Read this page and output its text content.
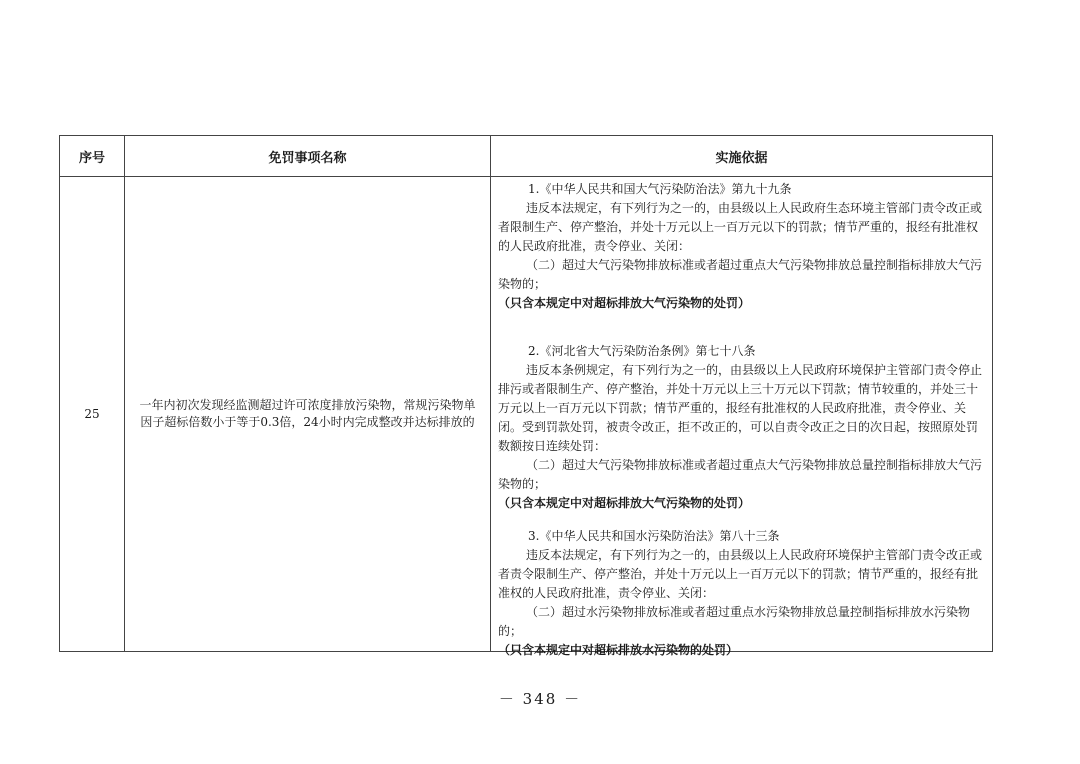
序号	免罚事项名称	实施依据
25
一年内初次发现经监测超过许可浓度排放污染物，常规污染物单因子超标倍数小于等于0.3倍，24小时内完成整改并达标排放的

1.《中华人民共和国大气污染防治法》第九十九条

违反本法规定，有下列行为之一的，由县级以上人民政府生态环境主管部门责令改正或者限制生产、停产整治，并处十万元以上一百万元以下的罚款；情节严重的，报经有批准权的人民政府批准，责令停业、关闭：

（二）超过大气污染物排放标准或者超过重点大气污染物排放总量控制指标排放大气污染物的；

（只含本规定中对超标排放大气污染物的处罚）

2.《河北省大气污染防治条例》第七十八条

违反本条例规定，有下列行为之一的，由县级以上人民政府环境保护主管部门责令停止排污或者限制生产、停产整治，并处十万元以上三十万元以下罚款；情节较重的，并处三十万元以上一百万元以下罚款；情节严重的，报经有批准权的人民政府批准，责令停业、关闭。受到罚款处罚，被责令改正，拒不改正的，可以自责令改正之日的次日起，按照原处罚数额按日连续处罚：

（二）超过大气污染物排放标准或者超过重点大气污染物排放总量控制指标排放大气污染物的；

（只含本规定中对超标排放大气污染物的处罚）

3.《中华人民共和国水污染防治法》第八十三条

违反本法规定，有下列行为之一的，由县级以上人民政府环境保护主管部门责令改正或者责令限制生产、停产整治，并处十万元以上一百万元以下的罚款；情节严重的，报经有批准权的人民政府批准，责令停业、关闭：

（二）超过水污染物排放标准或者超过重点水污染物排放总量控制指标排放水污染物的；

（只含本规定中对超标排放水污染物的处罚）

－ 348 －
